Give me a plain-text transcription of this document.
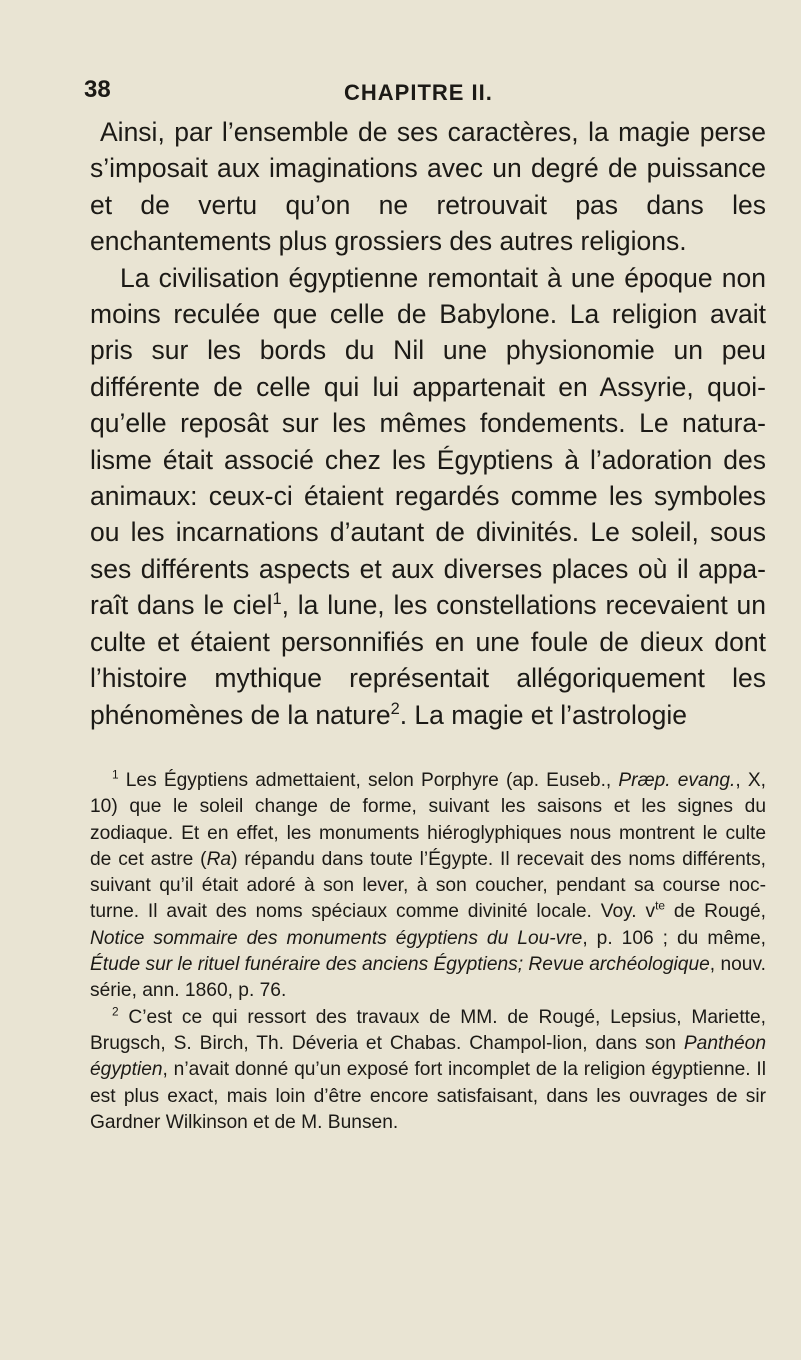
38	CHAPITRE II.

Ainsi, par l’ensemble de ses caractères, la magie perse s’imposait aux imaginations avec un degré de puissance et de vertu qu’on ne retrouvait pas dans les enchantements plus grossiers des autres religions.

La civilisation égyptienne remontait à une époque non moins reculée que celle de Babylone. La religion avait pris sur les bords du Nil une physionomie un peu différente de celle qui lui appartenait en Assyrie, quoi-qu’elle reposât sur les mêmes fondements. Le natura-lisme était associé chez les Égyptiens à l’adoration des animaux: ceux-ci étaient regardés comme les symboles ou les incarnations d’autant de divinités. Le soleil, sous ses différents aspects et aux diverses places où il appa-raît dans le ciel$^1$, la lune, les constellations recevaient un culte et étaient personnifiés en une foule de dieux dont l’histoire mythique représentait allégoriquement les phénomènes de la nature$^2$. La magie et l’astrologie

$^1$ Les Égyptiens admettaient, selon Porphyre (ap. Euseb., Præp. evang., X, 10) que le soleil change de forme, suivant les saisons et les signes du zodiaque. Et en effet, les monuments hiéroglyphiques nous montrent le culte de cet astre (Ra) répandu dans toute l’Égypte. Il recevait des noms différents, suivant qu’il était adoré à son lever, à son coucher, pendant sa course noc-turne. Il avait des noms spéciaux comme divinité locale. Voy. $v^{te}$ de Rougé, Notice sommaire des monuments égyptiens du Lou-vre, p. 106 ; du même, Étude sur le rituel funéraire des anciens Égyptiens; Revue archéologique, nouv. série, ann. 1860, p. 76.

$^2$ C’est ce qui ressort des travaux de MM. de Rougé, Lepsius, Mariette, Brugsch, S. Birch, Th. Déveria et Chabas. Champol-lion, dans son Panthéon égyptien, n’avait donné qu’un exposé fort incomplet de la religion égyptienne. Il est plus exact, mais loin d’être encore satisfaisant, dans les ouvrages de sir Gardner Wilkinson et de M. Bunsen.
